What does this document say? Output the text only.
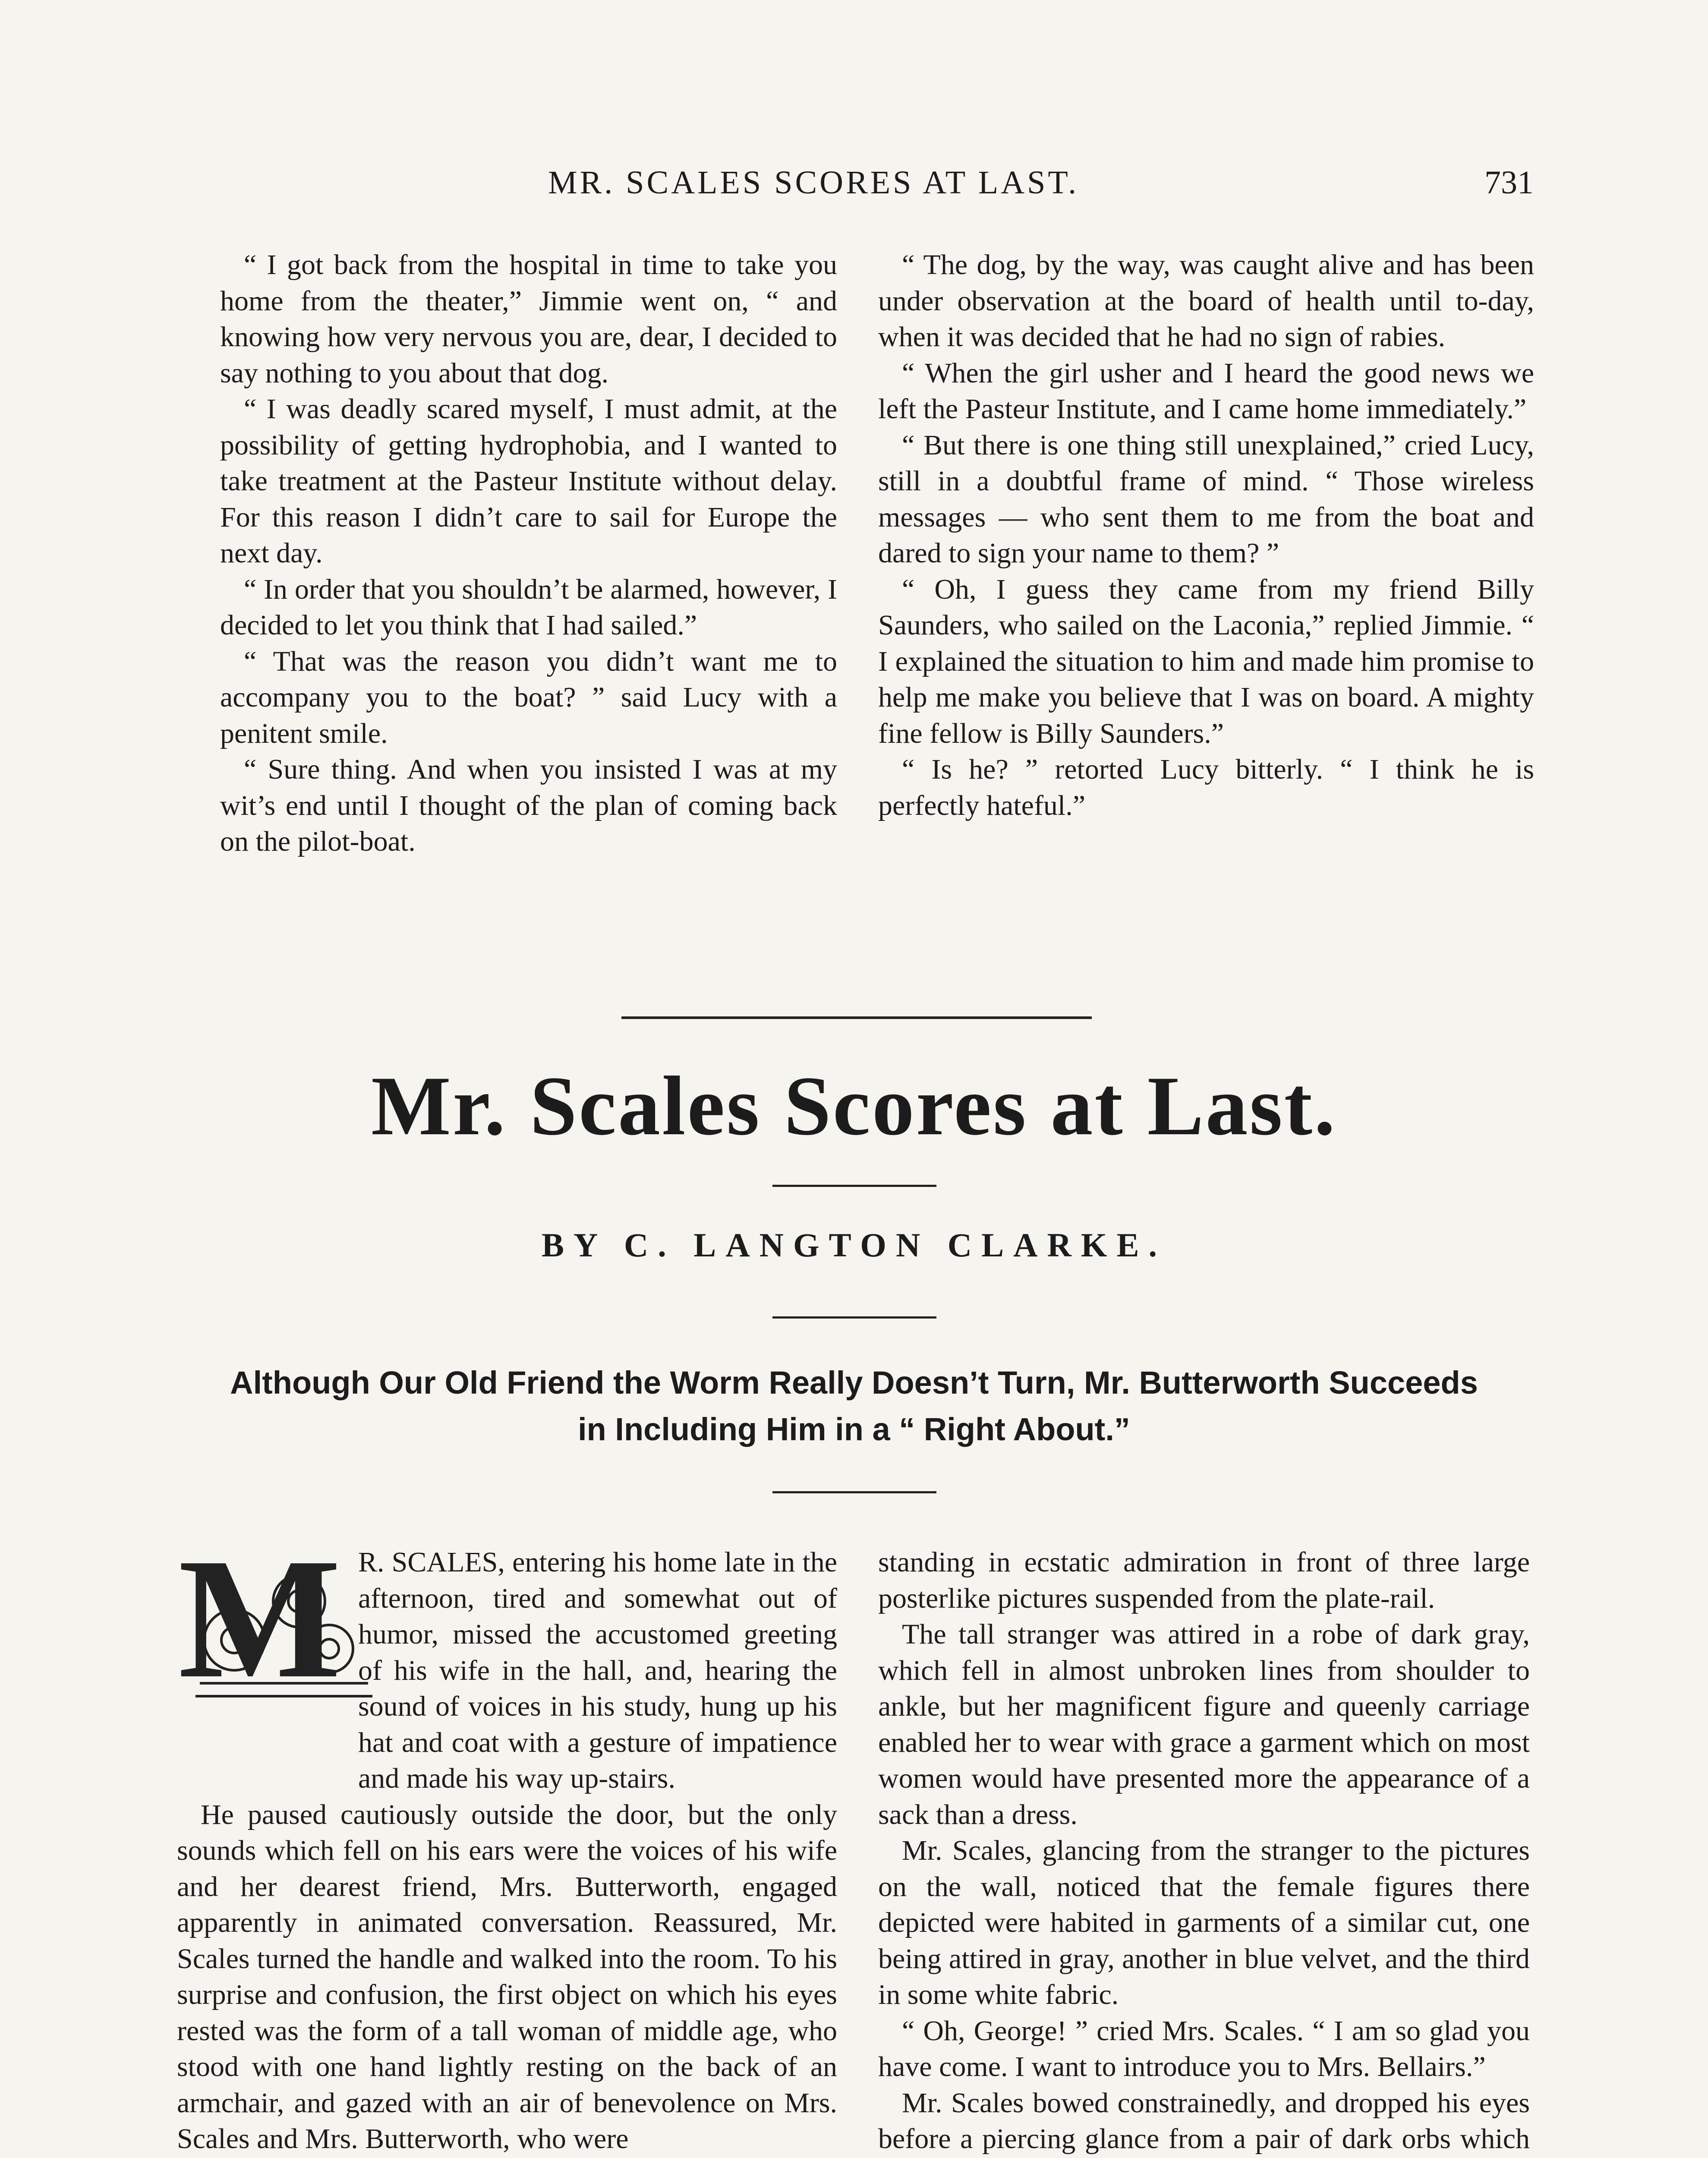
MR. SCALES SCORES AT LAST.	731

“ I got back from the hospital in time to take you home from the theater,” Jimmie went on, “ and knowing how very nervous you are, dear, I decided to say nothing to you about that dog.

“ I was deadly scared myself, I must admit, at the possibility of getting hydrophobia, and I wanted to take treatment at the Pasteur Institute without delay. For this reason I didn’t care to sail for Europe the next day.

“ In order that you shouldn’t be alarmed, however, I decided to let you think that I had sailed.”

“ That was the reason you didn’t want me to accompany you to the boat? ” said Lucy with a penitent smile.

“ Sure thing. And when you insisted I was at my wit’s end until I thought of the plan of coming back on the pilot-boat.

“ The dog, by the way, was caught alive and has been under observation at the board of health until to-day, when it was decided that he had no sign of rabies.

“ When the girl usher and I heard the good news we left the Pasteur Institute, and I came home immediately.”

“ But there is one thing still unexplained,” cried Lucy, still in a doubtful frame of mind. “ Those wireless messages — who sent them to me from the boat and dared to sign your name to them? ”

“ Oh, I guess they came from my friend Billy Saunders, who sailed on the Laconia,” replied Jimmie. “ I explained the situation to him and made him promise to help me make you believe that I was on board. A mighty fine fellow is Billy Saunders.”

“ Is he? ” retorted Lucy bitterly. “ I think he is perfectly hateful.”

Mr. Scales Scores at Last.
BY C. LANGTON CLARKE.
Although Our Old Friend the Worm Really Doesn’t Turn, Mr. Butterworth Succeeds in Including Him in a “ Right About.”
M R. SCALES, entering his home late in the afternoon, tired and somewhat out of humor, missed the accustomed greeting of his wife in the hall, and, hearing the sound of voices in his study, hung up his hat and coat with a gesture of impatience and made his way up-stairs.

He paused cautiously outside the door, but the only sounds which fell on his ears were the voices of his wife and her dearest friend, Mrs. Butterworth, engaged apparently in animated conversation. Reassured, Mr. Scales turned the handle and walked into the room. To his surprise and confusion, the first object on which his eyes rested was the form of a tall woman of middle age, who stood with one hand lightly resting on the back of an armchair, and gazed with an air of benevolence on Mrs. Scales and Mrs. Butterworth, who were

standing in ecstatic admiration in front of three large posterlike pictures suspended from the plate-rail.

The tall stranger was attired in a robe of dark gray, which fell in almost unbroken lines from shoulder to ankle, but her magnificent figure and queenly carriage enabled her to wear with grace a garment which on most women would have presented more the appearance of a sack than a dress.

Mr. Scales, glancing from the stranger to the pictures on the wall, noticed that the female figures there depicted were habited in garments of a similar cut, one being attired in gray, another in blue velvet, and the third in some white fabric.

“ Oh, George! ” cried Mrs. Scales. “ I am so glad you have come. I want to introduce you to Mrs. Bellairs.”

Mr. Scales bowed constrainedly, and dropped his eyes before a piercing glance from a pair of dark orbs which
